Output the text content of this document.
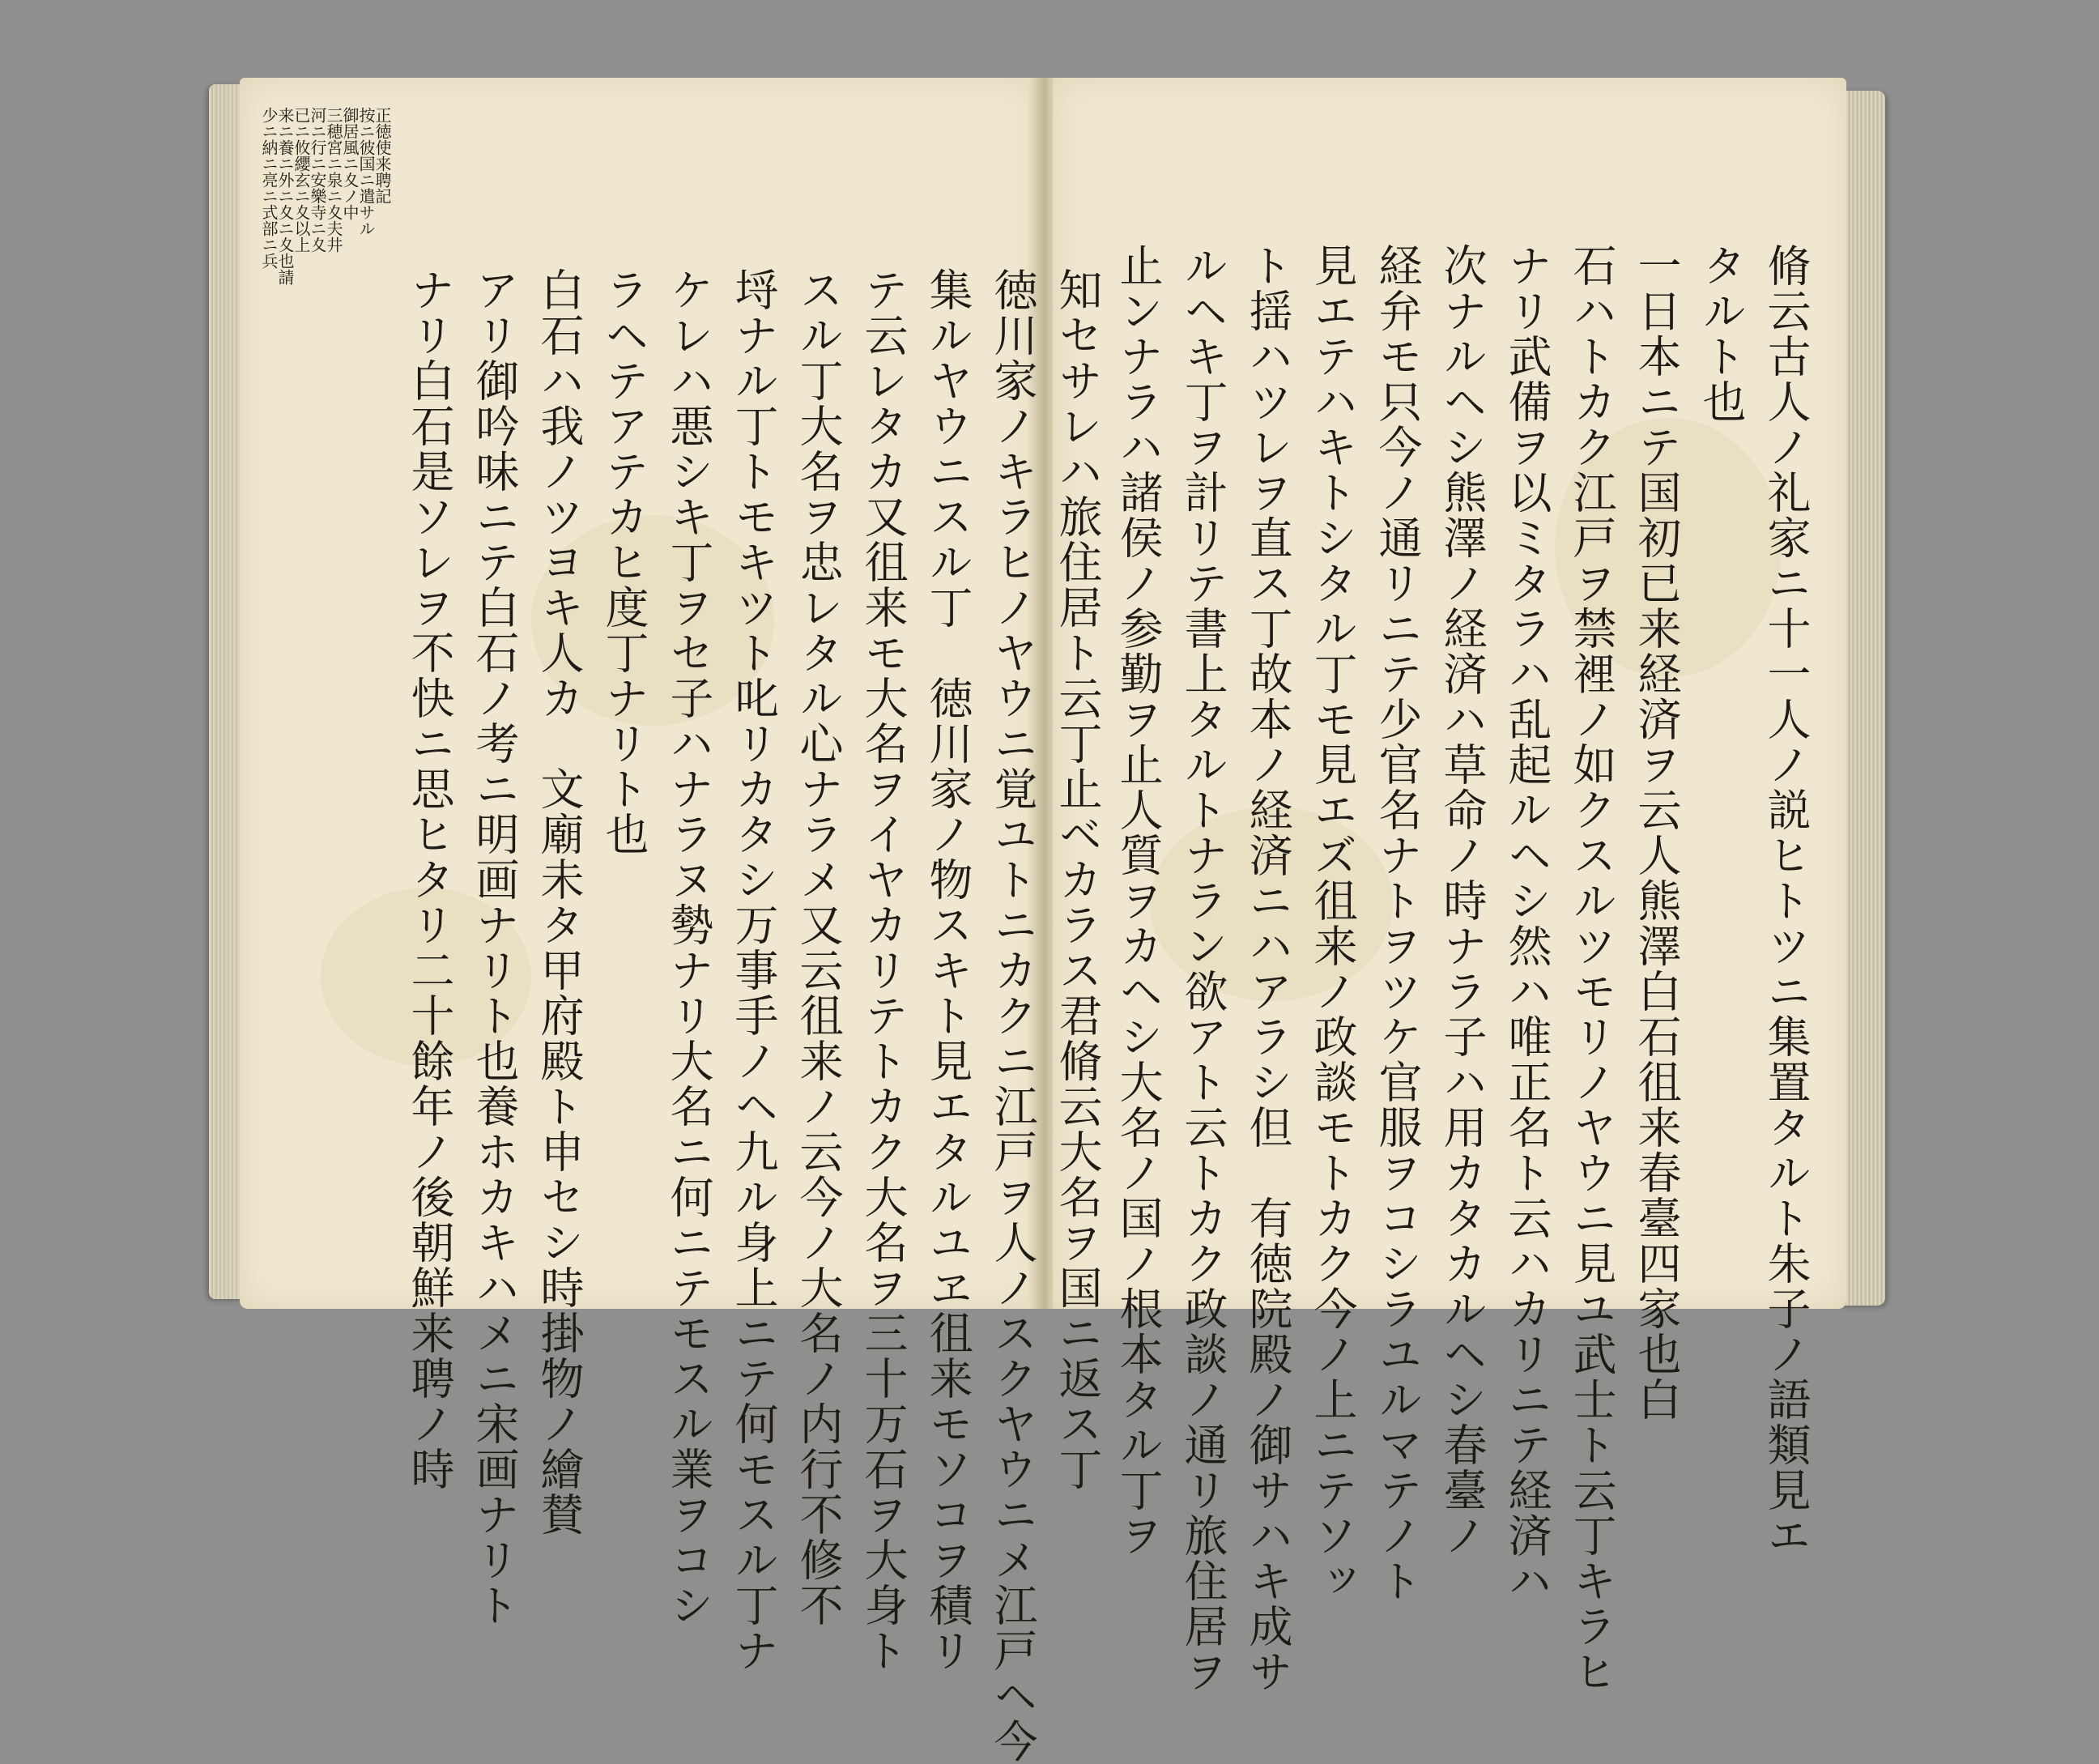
脩云古人ノ礼家ニ十一人ノ説ヒトツニ集置タルト朱子ノ語類見エ
タルト也
一日本ニテ国初已来経済ヲ云人熊澤白石徂来春臺四家也白
石ハトカク江戸ヲ禁裡ノ如クスルツモリノヤウニ見ユ武士ト云丁キラヒ
ナリ武備ヲ以ミタラハ乱起ルヘシ然ハ唯正名ト云ハカリニテ経済ハ
次ナルヘシ熊澤ノ経済ハ草命ノ時ナラ子ハ用カタカルヘシ春臺ノ
経弁モ只今ノ通リニテ少官名ナトヲツケ官服ヲコシラユルマテノト
見エテハキトシタル丁モ見エズ徂来ノ政談モトカク今ノ上ニテソッ
ト揺ハツレヲ直ス丁故本ノ経済ニハアラシ但　有徳院殿ノ御サハキ成サ
ルヘキ丁ヲ計リテ書上タルトナラン欲アト云トカク政談ノ通リ旅住居ヲ
止ンナラハ諸侯ノ参勤ヲ止人質ヲカヘシ大名ノ国ノ根本タル丁ヲ
正徳使来聘記
按ニ彼国ニ遣サル
御居風ニ夊ノ中
三穂宮ニ泉ニ夊夫井
河ニ行ニ安樂寺ニ夊
已ニ攸纓玄ニ夊以上
来ニ養ニ外ニ夊ニ夊也請
少ニ納ニ亮ニ式部ニ兵
知セサレハ旅住居ト云丁止ベカラス君脩云大名ヲ国ニ返ス丁
徳川家ノキラヒノヤウニ覚ユトニカクニ江戸ヲ人ノスクヤウニメ江戸ヘ今
集ルヤウニスル丁　徳川家ノ物スキト見エタルユヱ徂来モソコヲ積リ
テ云レタカ又徂来モ大名ヲイヤカリテトカク大名ヲ三十万石ヲ大身ト
スル丁大名ヲ忠レタル心ナラメ又云徂来ノ云今ノ大名ノ内行不修不
埒ナル丁トモキツト叱リカタシ万事手ノヘ九ル身上ニテ何モスル丁ナ
ケレハ悪シキ丁ヲセ子ハナラヌ勢ナリ大名ニ何ニテモスル業ヲコシ
ラヘテアテカヒ度丁ナリト也
白石ハ我ノツヨキ人カ　文廟未タ甲府殿ト申セシ時掛物ノ繪賛
アリ御吟味ニテ白石ノ考ニ明画ナリト也養ホカキハメニ宋画ナリト
ナリ白石是ソレヲ不快ニ思ヒタリ二十餘年ノ後朝鮮来聘ノ時
